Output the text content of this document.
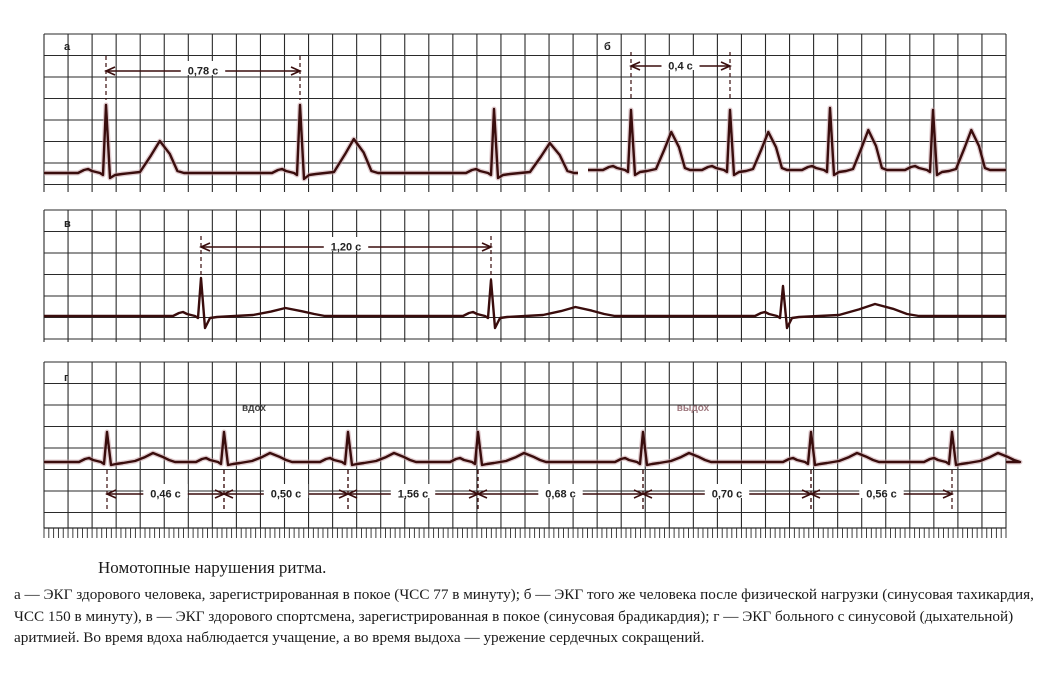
а	б
в
г
0,78 с	0,4 с
1,20 с
вдох	выдох
0,46 с	0,50 с	1,56 с	0,68 с	0,70 с	0,56 с
Номотопные нарушения ритма.

а — ЭКГ здорового человека, зарегистрированная в покое (ЧСС 77 в минуту); б — ЭКГ того же человека после физической нагрузки (синусовая тахикардия, ЧСС 150 в минуту), в — ЭКГ здорового спортсмена, зарегистрированная в покое (синусовая брадикардия); г — ЭКГ больного с синусовой (дыхательной) аритмией. Во время вдоха наблюдается учащение, а во время выдоха — урежение сердечных сокращений.
